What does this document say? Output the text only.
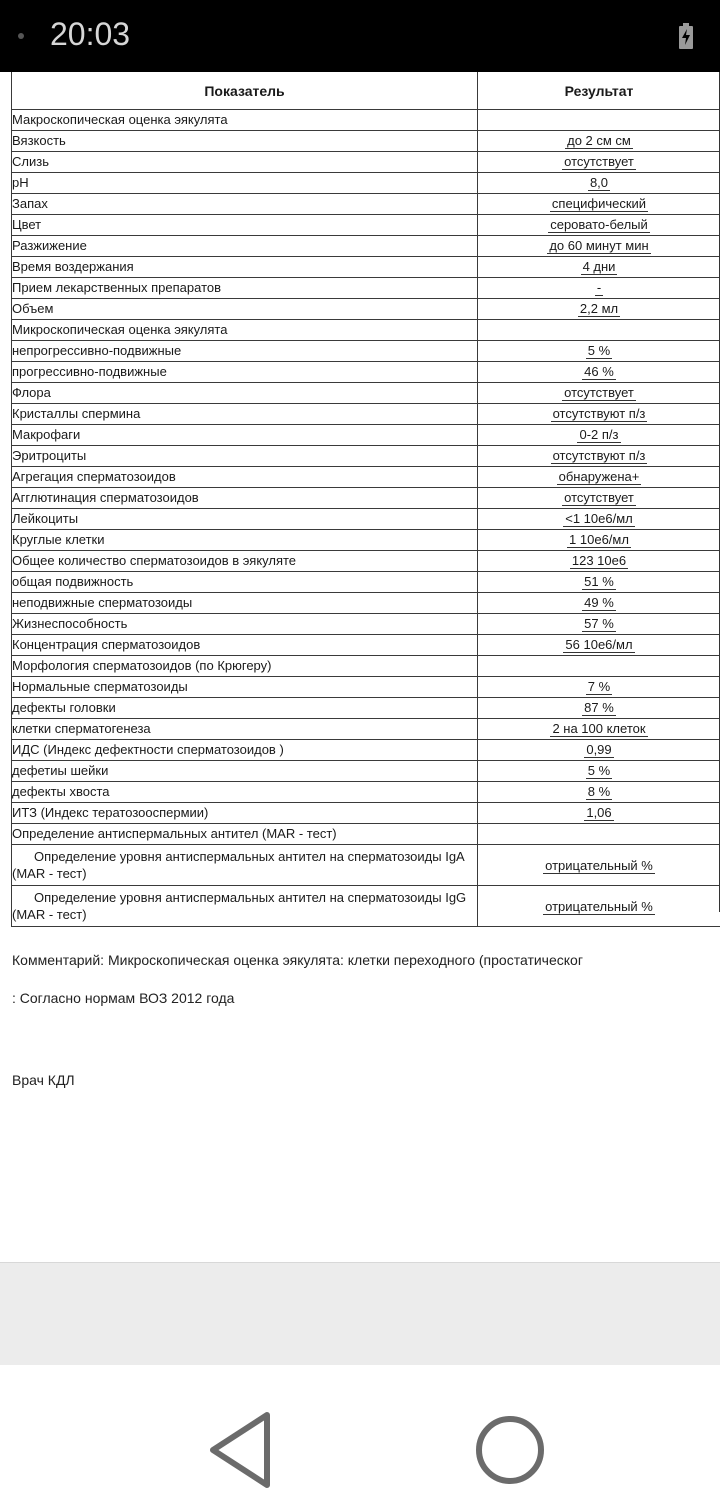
20:03
Показатель	Результат
Макроскопическая оценка эякулята	
Вязкость	до 2 см см
Слизь	отсутствует
pH	8,0
Запах	специфический
Цвет	серовато-белый
Разжижение	до 60 минут мин
Время воздержания	4 дни
Прием лекарственных препаратов	-
Объем	2,2 мл
Микроскопическая оценка эякулята	
непрогрессивно-подвижные	5 %
прогрессивно-подвижные	46 %
Флора	отсутствует
Кристаллы спермина	отсутствуют п/з
Макрофаги	0-2 п/з
Эритроциты	отсутствуют п/з
Агрегация сперматозоидов	обнаружена+
Агглютинация сперматозоидов	отсутствует
Лейкоциты	<1 10е6/мл
Круглые клетки	1 10е6/мл
Общее количество сперматозоидов в эякуляте	123 10е6
общая подвижность	51 %
неподвижные сперматозоиды	49 %
Жизнеспособность	57 %
Концентрация сперматозоидов	56 10е6/мл
Морфология сперматозоидов (по Крюгеру)	
Нормальные сперматозоиды	7 %
дефекты головки	87 %
клетки сперматогенеза	2 на 100 клеток
ИДС (Индекс дефектности сперматозоидов )	0,99
дефетиы шейки	5 %
дефекты хвоста	8 %
ИТЗ (Индекс тератозооспермии)	1,06
Определение антиспермальных антител (MAR - тест)	
Определение уровня антиспермальных антител на сперматозоиды IgA (MAR - тест)	отрицательный %
Определение уровня антиспермальных антител на сперматозоиды IgG (MAR - тест)	отрицательный %
Комментарий: Микроскопическая оценка эякулята: клетки переходного (простатическог
: Согласно нормам ВОЗ 2012 года
Врач КДЛ
